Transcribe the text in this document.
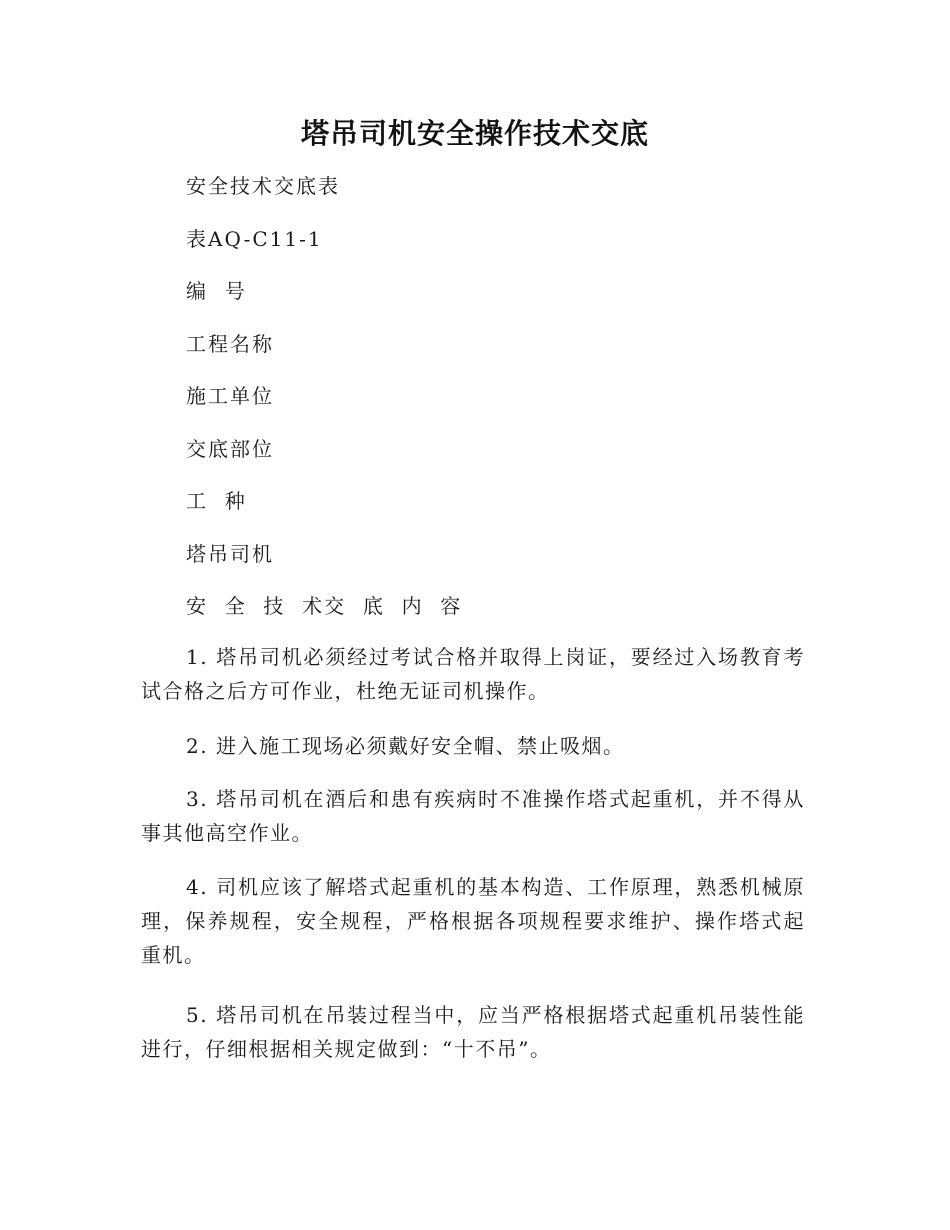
塔吊司机安全操作技术交底
安全技术交底表
表AQ-C11-1
编  号
工程名称
施工单位
交底部位
工  种
塔吊司机
安  全  技  术交  底  内  容
1. 塔吊司机必须经过考试合格并取得上岗证，要经过入场教育考试合格之后方可作业，杜绝无证司机操作。
2. 进入施工现场必须戴好安全帽、禁止吸烟。
3. 塔吊司机在酒后和患有疾病时不准操作塔式起重机，并不得从事其他高空作业。
4. 司机应该了解塔式起重机的基本构造、工作原理，熟悉机械原理，保养规程，安全规程，严格根据各项规程要求维护、操作塔式起重机。
5. 塔吊司机在吊装过程当中，应当严格根据塔式起重机吊装性能进行，仔细根据相关规定做到：“十不吊”。
